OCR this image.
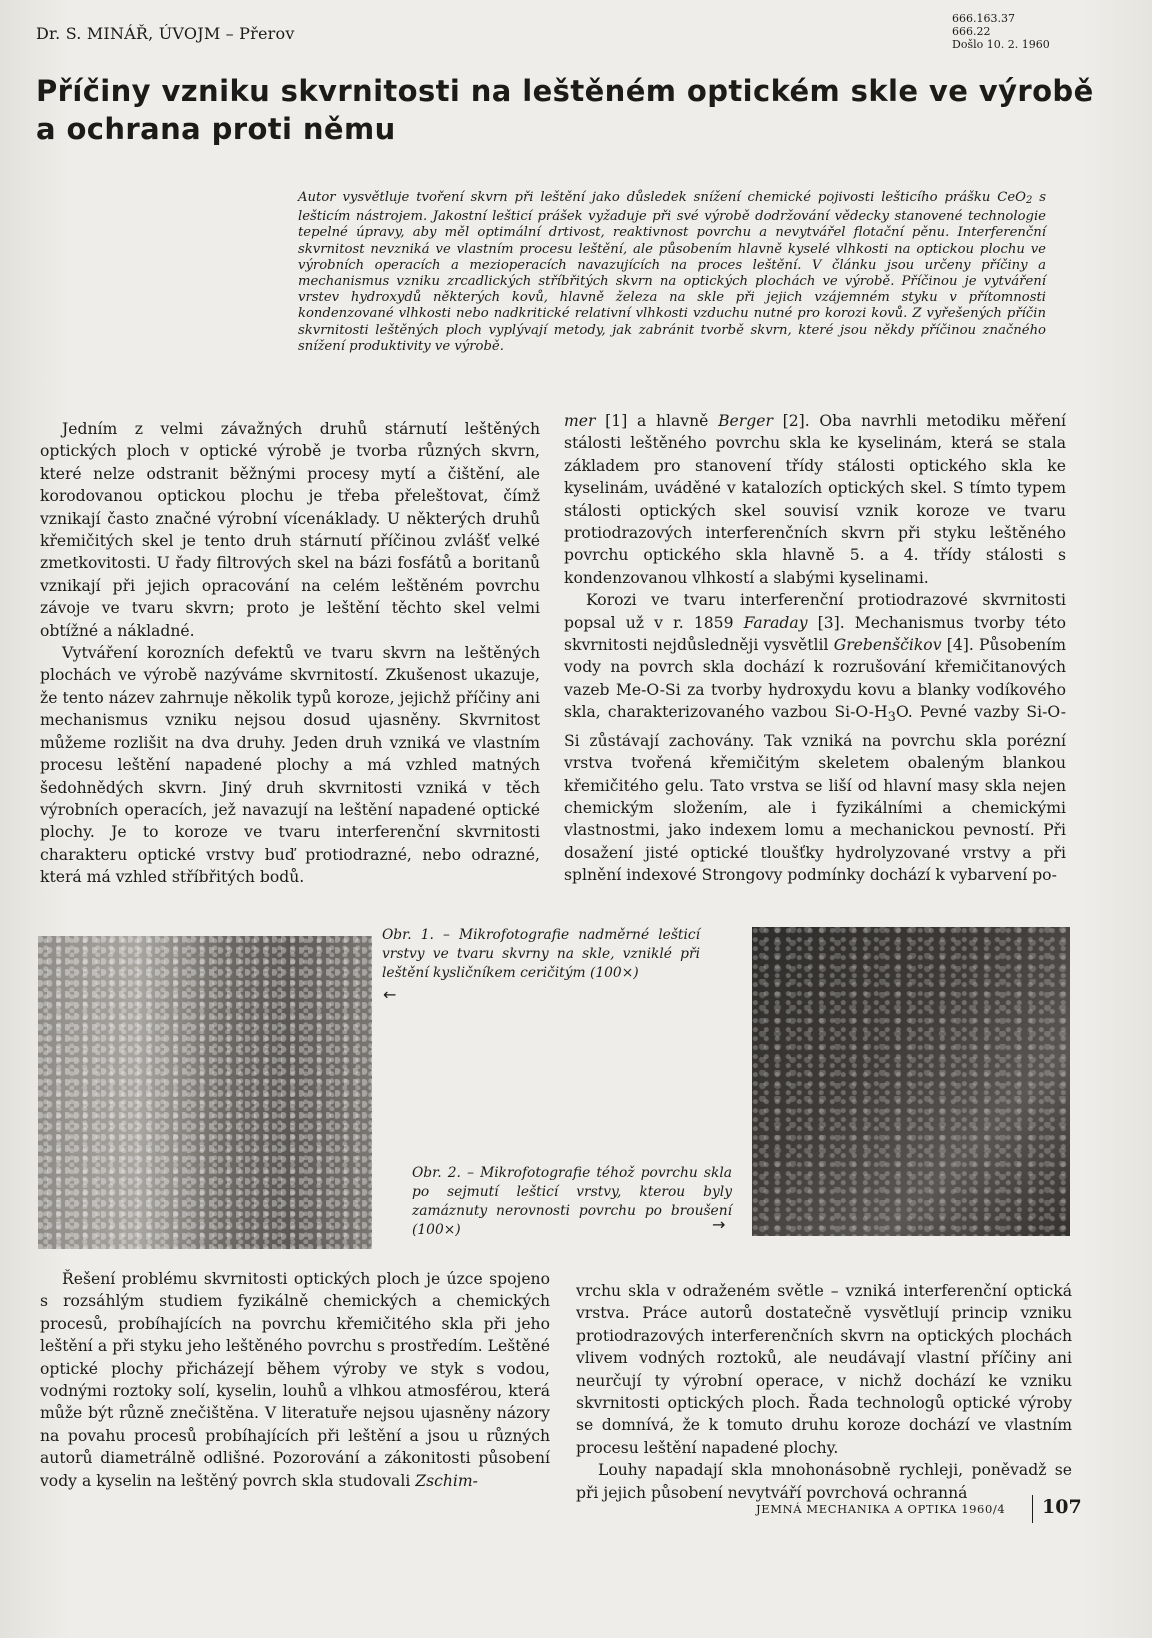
Dr. S. MINÁŘ, ÚVOJM – Přerov
666.163.37
666.22
Došlo 10. 2. 1960
Příčiny vzniku skvrnitosti na leštěném optickém skle ve výrobě
a ochrana proti němu

Autor vysvětluje tvoření skvrn při leštění jako důsledek snížení chemické pojivosti lešticího prášku CeO$_2$ s lešticím nástrojem. Jakostní lešticí prášek vyžaduje při své výrobě dodržování vědecky stanovené technologie tepelné úpravy, aby měl optimální drtivost, reaktivnost povrchu a nevytvářel flotační pěnu. Interferenční skvrnitost nevzniká ve vlastním procesu leštění, ale působením hlavně kyselé vlhkosti na optickou plochu ve výrobních operacích a mezioperacích navazujících na proces leštění. V článku jsou určeny příčiny a mechanismus vzniku zrcadlických stříbřitých skvrn na optických plochách ve výrobě. Příčinou je vytváření vrstev hydroxydů některých kovů, hlavně železa na skle při jejich vzájemném styku v přítomnosti kondenzované vlhkosti nebo nadkritické relativní vlhkosti vzduchu nutné pro korozi kovů. Z vyřešených příčin skvrnitosti leštěných ploch vyplývají metody, jak zabránit tvorbě skvrn, které jsou někdy příčinou značného snížení produktivity ve výrobě.

Jedním z velmi závažných druhů stárnutí leštěných optických ploch v optické výrobě je tvorba různých skvrn, které nelze odstranit běžnými procesy mytí a čištění, ale korodovanou optickou plochu je třeba přeleštovat, čímž vznikají často značné výrobní vícenáklady. U některých druhů křemičitých skel je tento druh stárnutí příčinou zvlášť velké zmetkovitosti. U řady filtrových skel na bázi fosfátů a boritanů vznikají při jejich opracování na celém leštěném povrchu závoje ve tvaru skvrn; proto je leštění těchto skel velmi obtížné a nákladné.

Vytváření korozních defektů ve tvaru skvrn na leštěných plochách ve výrobě nazýváme skvrnitostí. Zkušenost ukazuje, že tento název zahrnuje několik typů koroze, jejichž příčiny ani mechanismus vzniku nejsou dosud ujasněny. Skvrnitost můžeme rozlišit na dva druhy. Jeden druh vzniká ve vlastním procesu leštění napadené plochy a má vzhled matných šedohnědých skvrn. Jiný druh skvrnitosti vzniká v těch výrobních operacích, jež navazují na leštění napadené optické plochy. Je to koroze ve tvaru interferenční skvrnitosti charakteru optické vrstvy buď protiodrazné, nebo odrazné, která má vzhled stříbřitých bodů.

mer [1] a hlavně Berger [2]. Oba navrhli metodiku měření stálosti leštěného povrchu skla ke kyselinám, která se stala základem pro stanovení třídy stálosti optického skla ke kyselinám, uváděné v katalozích optických skel. S tímto typem stálosti optických skel souvisí vznik koroze ve tvaru protiodrazových interferenčních skvrn při styku leštěného povrchu optického skla hlavně 5. a 4. třídy stálosti s kondenzovanou vlhkostí a slabými kyselinami.

Korozi ve tvaru interferenční protiodrazové skvrnitosti popsal už v r. 1859 Faraday [3]. Mechanismus tvorby této skvrnitosti nejdůsledněji vysvětlil Grebenščikov [4]. Působením vody na povrch skla dochází k rozrušování křemičitanových vazeb Me-O-Si za tvorby hydroxydu kovu a blanky vodíkového skla, charakterizovaného vazbou $Si-O-H_3O$. Pevné vazby Si-O-Si zůstávají zachovány. Tak vzniká na povrchu skla porézní vrstva tvořená křemičitým skeletem obaleným blankou křemičitého gelu. Tato vrstva se liší od hlavní masy skla nejen chemickým složením, ale i fyzikálními a chemickými vlastnostmi, jako indexem lomu a mechanickou pevností. Při dosažení jisté optické tloušťky hydrolyzované vrstvy a při splnění indexové Strongovy podmínky dochází k vybarvení po-

Obr. 1. – Mikrofotografie nadměrné lešticí vrstvy ve tvaru skvrny na skle, vzniklé při leštění kysličníkem ceričitým (100×)
←
Obr. 2. – Mikrofotografie téhož povrchu skla po sejmutí lešticí vrstvy, kterou byly zamáznuty nerovnosti povrchu po broušení (100×)	→

Řešení problému skvrnitosti optických ploch je úzce spojeno s rozsáhlým studiem fyzikálně chemických a chemických procesů, probíhajících na povrchu křemičitého skla při jeho leštění a při styku jeho leštěného povrchu s prostředím. Leštěné optické plochy přicházejí během výroby ve styk s vodou, vodnými roztoky solí, kyselin, louhů a vlhkou atmosférou, která může být různě znečištěna. V literatuře nejsou ujasněny názory na povahu procesů probíhajících při leštění a jsou u různých autorů diametrálně odlišné. Pozorování a zákonitosti působení vody a kyselin na leštěný povrch skla studovali Zschim-

vrchu skla v odraženém světle – vzniká interferenční optická vrstva. Práce autorů dostatečně vysvětlují princip vzniku protiodrazových interferenčních skvrn na optických plochách vlivem vodných roztoků, ale neudávají vlastní příčiny ani neurčují ty výrobní operace, v nichž dochází ke vzniku skvrnitosti optických ploch. Řada technologů optické výroby se domnívá, že k tomuto druhu koroze dochází ve vlastním procesu leštění napadené plochy.

Louhy napadají skla mnohonásobně rychleji, poněvadž se při jejich působení nevytváří povrchová ochranná

JEMNÁ MECHANIKA A OPTIKA 1960/4 107
